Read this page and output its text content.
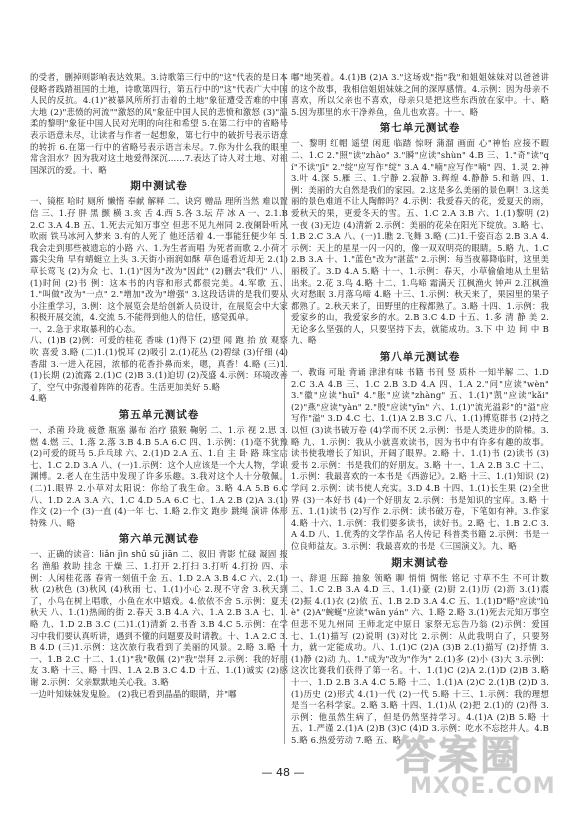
的受者，删掉则影响表达效果。3.诗歌第三行中的"这"代表的是日本侵略者践踏祖国的土地，诗歌第四行，第五行中的"这"代表广大中国人民的反抗。4.(1)"被暴风所所打击着的土地"象征遭受苦难的中国大地 (2)"悲愤的河流""激怒的风"象征中国人民的悲愤和激怒 (3)"温柔的黎明"象征中国人民对光明的向往和希望 5.在第二行中的省略号表示语意未尽，让读者与作者一起想象，第七行中的破折号表示语意的转折 6.在第一行中的省略号表示语言未尽。7.你为什么我的眼里常含泪水？因为我对这土地爱得深沉……7.表达了诗人对土地、对祖国深沉的爱。十、略

期中测试卷

一、镜框 哈时 厕所 懒惰 奉献 解释 二、诀窍 赠品 理所当然 难以置信 三、1.孖 胖 黑 颤 横 3.亥 舌 4.西 5.各 3.坛 芹 冰 A 一、2.1.B 2.C 3.A 4.B 五、1.死去元知万事空 但悲不见九州同 2.夜阑卧听风吹雨 铁马冰河入梦来 3.有的人死了 他还活着 4.一事能狂便少年 5.我会走到那些被遗忘的小路 六、1.为生者而唱 为死者而歌 2.小荷才露尖尖角 早有蜻蜓立上头 3.天街小雨润如酥 草色遥看近却无 2.(1)草长莺飞 (2)为众 七、1.(1)"因为"改为"因此" (2)删去"我们" 八、(1)时间 (2)书 例：这本书的内容和形式都很完美。4.军歌 五、1."叫做"改为"一点" 2."增加"改为"增强" 3.这段话讲的是我们要从小注重学习，3.例：这个展览会是给创新人员设计，在展览会中大家积极开展交流，4.交流 5.不能得到他人的信任，感觉孤单。

一、2.急于求取暴利的心态。

八、(1)B (2)例：可爱的桂花 香味 (1)得下 (2)望 闻 跑 抬 放 观察 吹 喜爱 3.略 (二)1.(1)悦耳 (2)吸引 2.(1)花丛 (2)碧绿 (3)仔细 (4)香甜 3.一进入花园，浓郁的花香扑鼻而来，嗯，真香！4.略 (三)1.(1)长期 (2)流露 2.(1)C (2)B 3.(1)迫切 (2)茂盛 4.示例：环境改善了，空气中弥漫着阵阵的花香。生活更加美好 5.略

4.略

第五单元测试卷

一、杀菌 玲珑 疲惫 瓶塞 瀑布 治疗 猿猴 鞠躬 二、1.示 视 2.思 3.燃 4.燃 三、1.落 2.落 3.B 4.B 5.A 6.C 四、1.示例：(1)毫不犹豫 (2)可爱的斑马 5.乒乓球 六、2.(1)D 2.A 五、1.自 主 卧 路 珠宝店 七、1.C 2.D 3.A 八、(一)1.示例：这个人应该是一个大人物，学识渊博。2.老人在生活中发现了许多乐趣。3.我对这个人十分敬佩。(二)1.眼界 2.小草对太阳说：你给了我生命。3.略 4.A 5.B 6.C 八、1.D 2.A 3.A 六、1.C 4.D 5.A 6.C 七、1.A 2.B (2)A 3.(1)作文 (2)一个 (3)一直 (4)一年 七、1.略 2.作文 跑步 跳绳 演讲 体形特殊 八、略

第六单元测试卷

一、正确的读音：liǎn jìn shǔ sū jiān 二、叙旧 背影 忙碌 凝固 报名 渔船 救助 挂念 干燥 三、1.打开 2.打扫 3.打听 4.打扮 四、示例：人闲桂花落 春宵一刻值千金 五、1.D 2.A 3.B 4.C 六、2.(1)秋 (2)秋色 (3)秋风 (4)秋雨 七、1.(1)小心 2.现不守舍 3.秋天到了，小鸟在树上唱歌，小鱼在水中嬉戏。4.依依不舍 5.示例：夏天 秋天 八、1.(1)热闹的街 2.春天 3.B 4.A 六、1.A 2.B 3.A 七、1.略 九、1.D 2.B 3.C (二)1.(1)清新 2.书香 3.B 4.C 5.示例：在学习中我们要认真听讲，遇到不懂的问题要及时请教。十、1.A 2.C 3.B 4.D (三)1.示例：这次旅行我看到了美丽的风景。2.略 3.略 十一、1.B 2.C 十二、1.(1)"我"敬佩 (2)"我"崇拜 2.示例：我的好朋友 3.略 十三、略 十四、1.A 2.B 3.C 4.D 十五、1.(1)诚实 (2)感谢 2.示例：父亲默默地关心我。3.略

一边叶知妹妹发鬼脸。 (2)我已看到晶晶的眼睛，并"嘟

嘟"地笑着。4.(1)B (2)A 3."这场戏"指"我"和姐姐妹妹对以爸爸讲的这个故事，我相信姐姐妹妹之间的深厚感情。4.示例：因为母亲不喜欢，所以父亲也不喜欢，母亲只是把这些东西放在家中。十、略 5.因为那里的水干净养鱼，鱼儿也欢喜。十一、略

第七单元测试卷

一、黎明 红帽 遥望 闲逛 临踏 惊呀 蒲溜 画面 心"神怡 应接不暇 二、1.C 2."照"读"zhào" 3."瞬"应读"shùn" 4.B 三、1."奇"读"qí"不读"jī" 2."绽"应写作"绽" 3.A 4."喃"应写作"喃" 四、1.灵 2.神 3.叶 4.深 5.雁 三、1.宁静 2.寂静 3.辉煌 4.静静 5.和谐 四、1.例：美丽的大自然是我们的家园。2.这是多么美丽的景色啊！3.这美丽的景色难道不让人陶醉吗？4.示例：我爱春天的花，爱夏天的雨，爱秋天的果，更爱冬天的雪。五、1.C 2.A 3.B 六、1.(1)黎明 (2)一夜 (3)无边 (4)清新 2.示例：美丽的花朵在阳光下绽放。3.略 七、1.B 2.C 3.A 八、(一)1.瞧 2.飞舞 3.略 (二)1.千姿百态 2.B 3.A 4.示例：天上的星星一闪一闪的，像一双双明亮的眼睛。5.略 九、1.C 2.B 3.A 十、1."蓝色"改为"湛蓝" 2.示例：每当夜幕降临时，这里美丽极了。3.D 4.A 5.略 十一、1.示例：春天，小草偷偷地从土里钻出来。2.花 3.鸟 4.略 十二、1.鸟啼 霜满天 江枫渔火 钟声 2.江枫渔火对愁眠 3.月落乌啼 4.略 十三、1.示例：秋天来了，果园里的果子都熟了。2.秋天来了，田野里的庄稼都熟了。3.略 十四、1.示例：我爱家乡的山，我爱家乡的水。2.B 3.C 4.D 十五、1.多 清 静 美 2.无论多么坚强的人，只要坚持下去，就能成功。3.下 中 边 间 中 B 九、略

第八单元测试卷

一、教诲 可耻 背诵 津津有味 书籍 书刊 竖 质朴 一知半解 二、1.D 2.C 3.A 4.B 三、1.C 2.B 3.D 4.A 四、1.A 2."问"应读"wèn" 3."徽"应读"huī" 4."胀"应读"zhàng" 五、1.(1)"凯"应读"kǎi" (2)"燕"应读"yàn" 2."殷"应读"yīn" 六、1.(1)"流光溢彩"的"溢"应写作"溢" 3.D 4.C 七、1.(1)A 2.B 3.C 八、1.(1)博览群书 (2)持之以恒 (3)读书破万卷 (4)学而不厌 2.示例：书是人类进步的阶梯。3.略 九、1.示例：我从小就喜欢读书，因为书中有许多有趣的故事。读书使我增长了知识，开阔了眼界。2.略 十、1.(1)书 (2)读书 (3)爱书 2.示例：书是我们的好朋友。3.略 十一、1.A 2.B 3.C 十二、1.示例：我最喜欢的一本书是《西游记》。2.略 十三、1.(1)知识 (2)学问 2.示例：读书使人充实。3.D 4.B 十四、1.(1)长生果 (2)全世界 (3)一本好书 (4)一个好朋友 2.示例：书是知识的宝库。3.略 十五、1.(1)读书 (2)写作 2.示例：读书破万卷，下笔如有神。3.作家 4.略 十六、1.示例：我们要多读书，读好书。2.略 七、1.B 2.C 3.A 4.D 八、1.优秀的文学作品 名人传记 科普类书籍 2.示例：书是一位良师益友。3.示例：我最喜欢的书是《三国演义》。九、略

期末测试卷

一、辞退 压蹄 抽象 领略 聊 悄悄 惆怅 铭记 寸草不生 不可计数 二、1.C 2.B 3.A 4.D 三、1.(1)豪 (2)厨 2.(1)历 (2)沥 3.(1)震 (2)振 4.(1)衣 (2)依 五、1.B 2.D 3.A 4.C 五、1.(1)D"略"应读"lüè" (2)A"蜿蜒"应读"wān yán" 六、1.略 2.略 3.(1)死去元知万事空 但悲不见九州同 王师北定中原日 家祭无忘告乃翁 (2)示例：爱国 七、1.(1)描写 (2)说明 (3)对比 2.示例：从此我明白了，只要努力，就一定能成功。八、1.(1)C (2)A (3)B 2.(1)描写 (2)抒情 3.(1)静 (2)动 九、1."成为"改为"作为" 2.(1)多 (2)小 (3)大 3.示例：这次比赛我们获得了第一名。十、1.(1)C (2)A 2.(1)D (2)B 3.略 十一、1.D 2.B 3.A 4.C 5.略 十二、1.(1)A (2)C 2.(1)B (2)D 3.(1)历史 (2)形式 4.(1)一代 (2)一代 5.略 十三、1.示例：我的理想是当一名科学家。2.略 3.略 十四、1.(1)从 (2)把 2.(1)的 (2)得 3.示例：他虽然生病了，但是仍然坚持学习。4.(1)A (2)B 5.略 十五、1.严谨 2.(1)A (2)B (3)C (4)D 3.示例：吃水不忘挖井人。4.B 5.略 6.热爱劳动 7.略 五、略

— 48 —	答案圈
MXQE.COM
